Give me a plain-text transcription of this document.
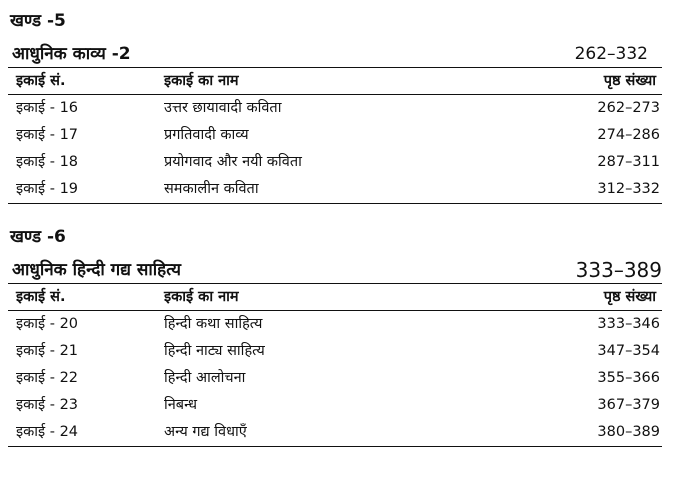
खण्ड -5
आधुनिक काव्य -2	262–332
इकाई सं.	इकाई का नाम	पृष्ठ संख्या
इकाई - 16	उत्तर छायावादी कविता	262–273
इकाई - 17	प्रगतिवादी काव्य	274–286
इकाई - 18	प्रयोगवाद और नयी कविता	287–311
इकाई - 19	समकालीन कविता	312–332
खण्ड -6
आधुनिक हिन्दी गद्य साहित्य	333–389
इकाई सं.	इकाई का नाम	पृष्ठ संख्या
इकाई - 20	हिन्दी कथा साहित्य	333–346
इकाई - 21	हिन्दी नाट्य साहित्य	347–354
इकाई - 22	हिन्दी आलोचना	355–366
इकाई - 23	निबन्ध	367–379
इकाई - 24	अन्य गद्य विधाएँ	380–389
